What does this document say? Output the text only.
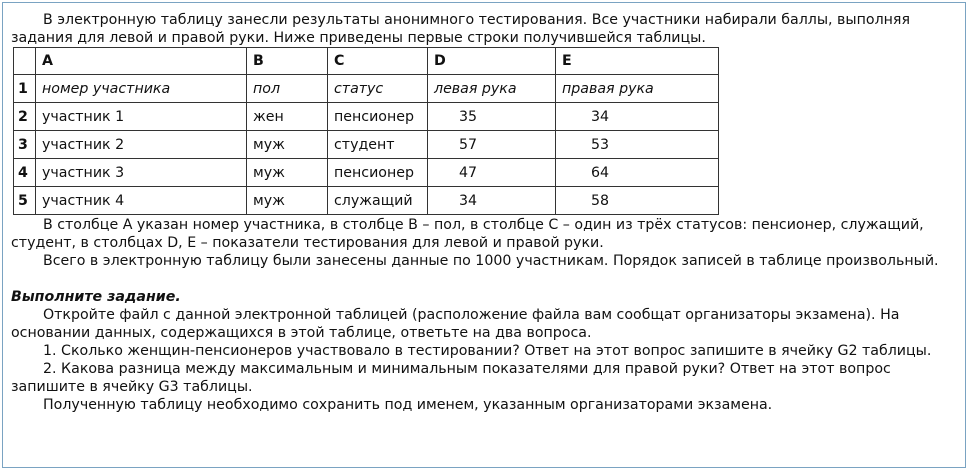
В электронную таблицу занесли результаты анонимного тестирования. Все участники набирали баллы, выполняя задания для левой и правой руки. Ниже приведены первые строки получившейся таблицы.

	A	B	C	D	E
1	номер участника	пол	статус	левая рука	правая рука
2	участник 1	жен	пенсионер	35	34
3	участник 2	муж	студент	57	53
4	участник 3	муж	пенсионер	47	64
5	участник 4	муж	служащий	34	58

В столбце A указан номер участника, в столбце B – пол, в столбце C – один из трёх статусов: пенсионер, служащий, студент, в столбцах D, E – показатели тестирования для левой и правой руки.

Всего в электронную таблицу были занесены данные по 1000 участникам. Порядок записей в таблице произвольный.

Выполните задание.

Откройте файл с данной электронной таблицей (расположение файла вам сообщат организаторы экзамена). На основании данных, содержащихся в этой таблице, ответьте на два вопроса.

1. Сколько женщин-пенсионеров участвовало в тестировании? Ответ на этот вопрос запишите в ячейку G2 таблицы.

2. Какова разница между максимальным и минимальным показателями для правой руки? Ответ на этот вопрос запишите в ячейку G3 таблицы.

Полученную таблицу необходимо сохранить под именем, указанным организаторами экзамена.
